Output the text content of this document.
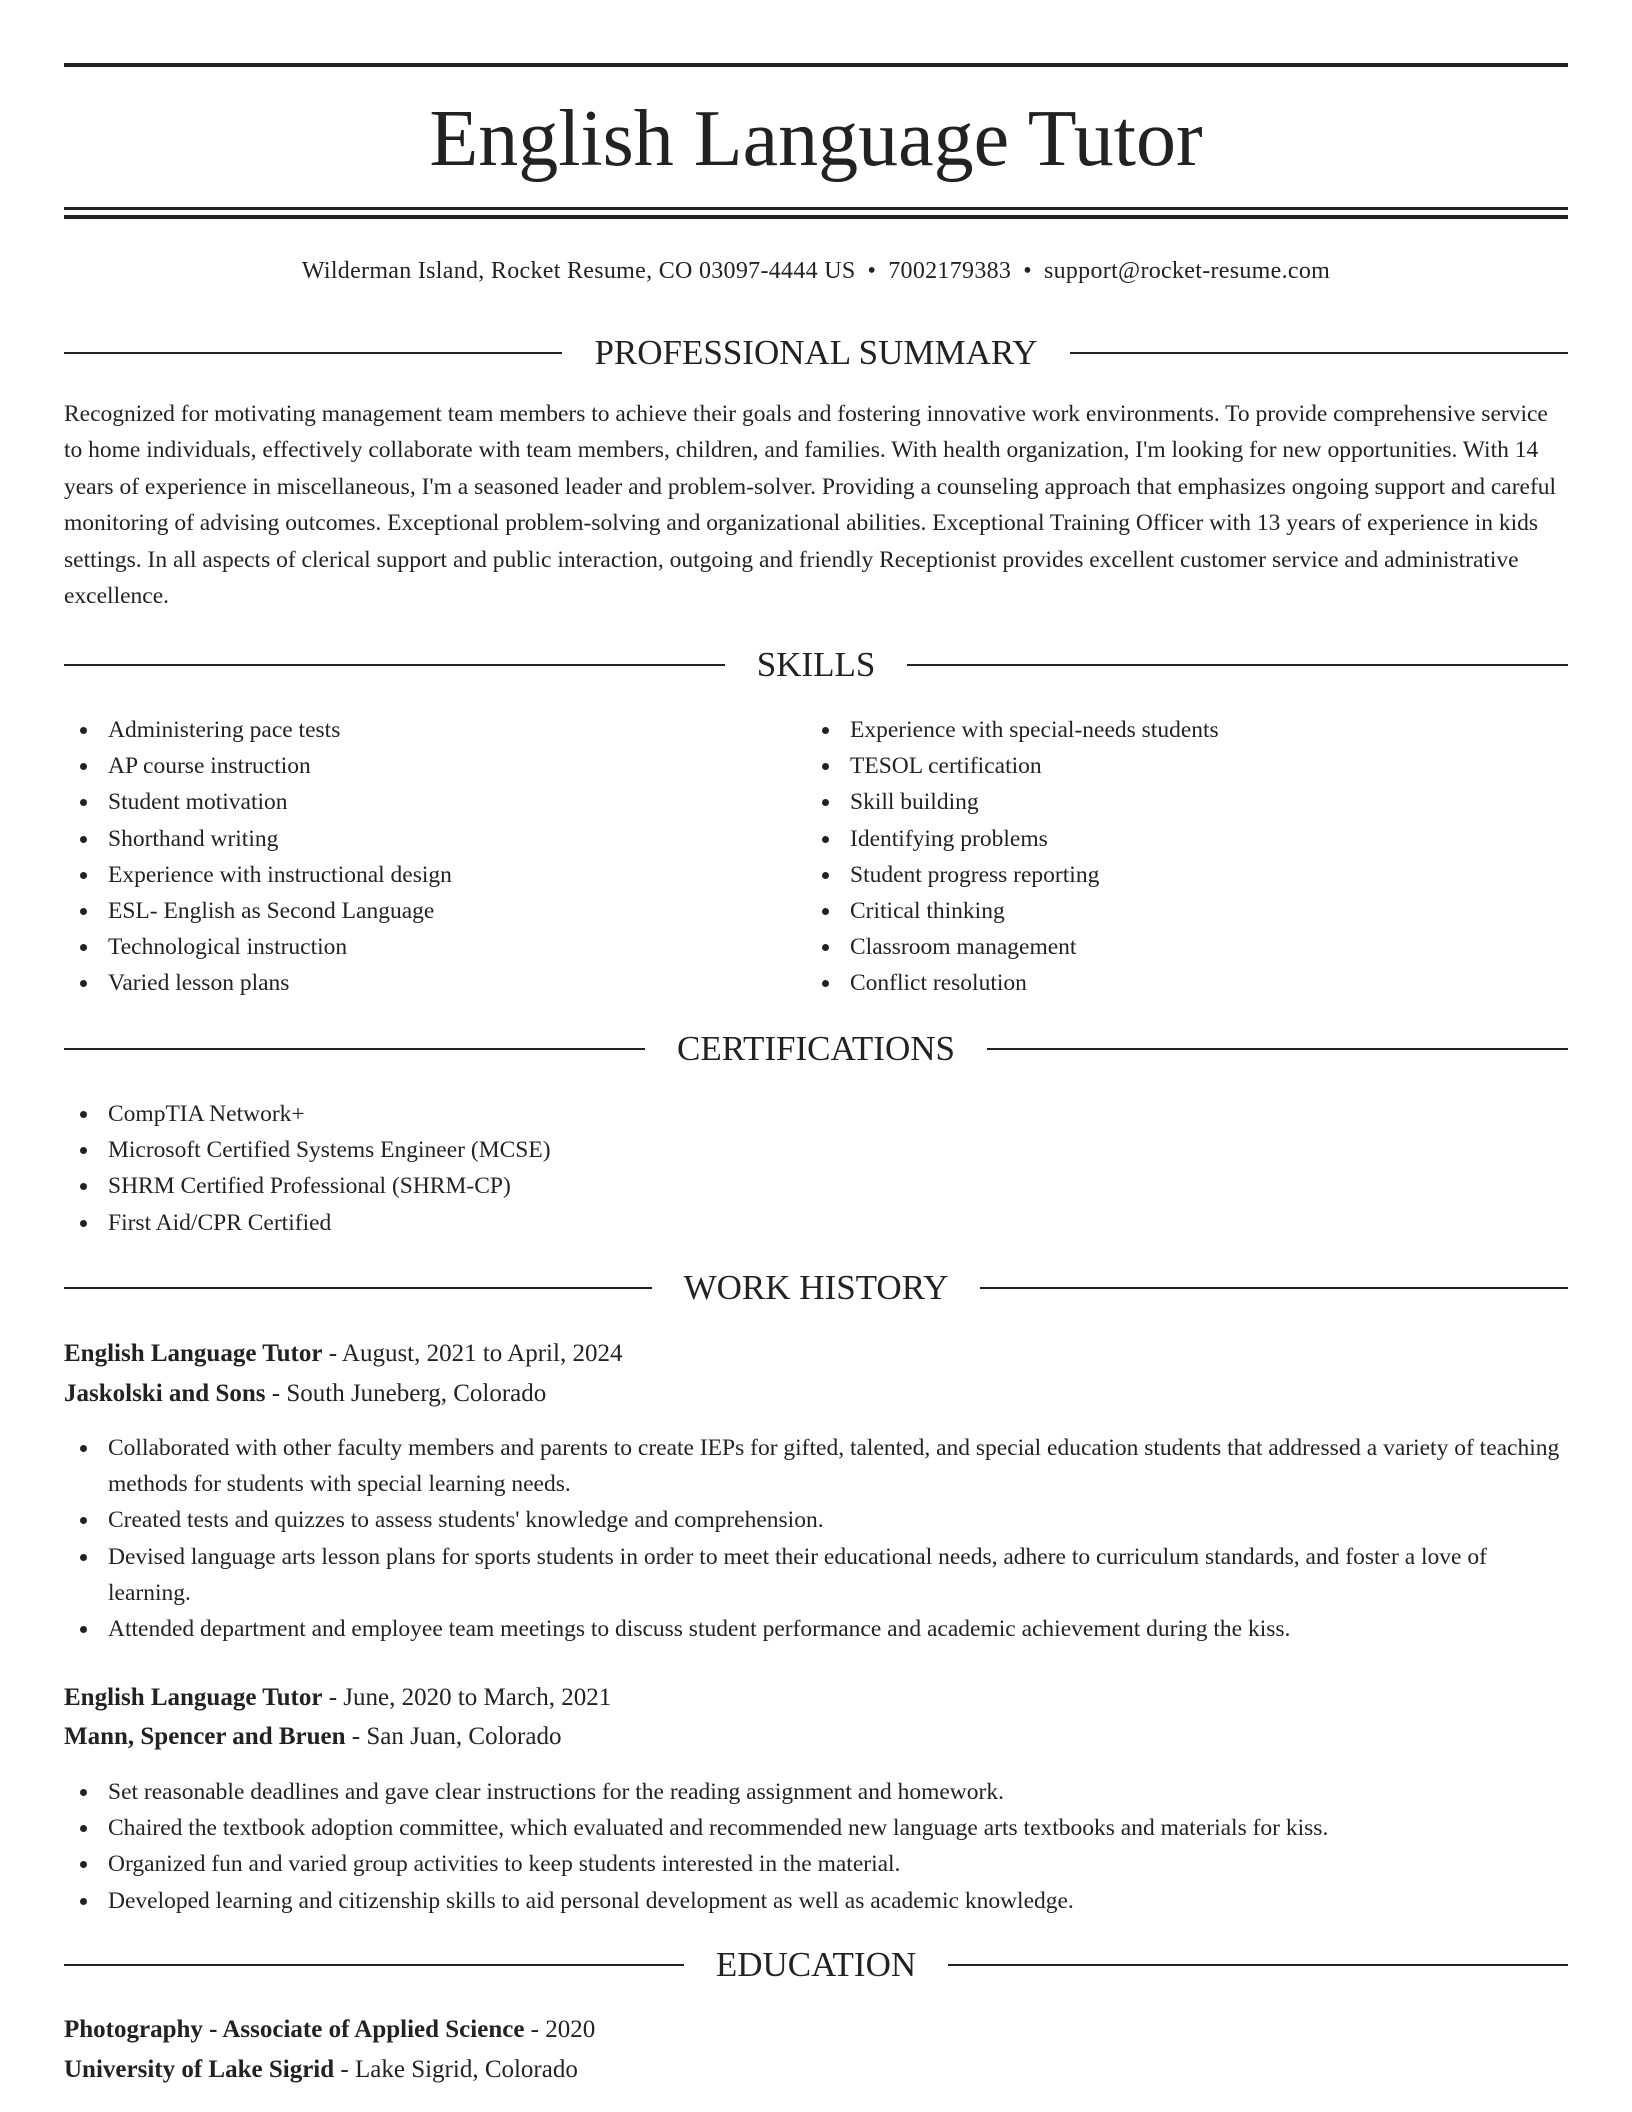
English Language Tutor
Wilderman Island, Rocket Resume, CO 03097-4444 US • 7002179383 • support@rocket-resume.com
PROFESSIONAL SUMMARY
Recognized for motivating management team members to achieve their goals and fostering innovative work environments. To provide comprehensive service to home individuals, effectively collaborate with team members, children, and families. With health organization, I'm looking for new opportunities. With 14 years of experience in miscellaneous, I'm a seasoned leader and problem-solver. Providing a counseling approach that emphasizes ongoing support and careful monitoring of advising outcomes. Exceptional problem-solving and organizational abilities. Exceptional Training Officer with 13 years of experience in kids settings. In all aspects of clerical support and public interaction, outgoing and friendly Receptionist provides excellent customer service and administrative excellence.
SKILLS
Administering pace tests
AP course instruction
Student motivation
Shorthand writing
Experience with instructional design
ESL- English as Second Language
Technological instruction
Varied lesson plans
Experience with special-needs students
TESOL certification
Skill building
Identifying problems
Student progress reporting
Critical thinking
Classroom management
Conflict resolution
CERTIFICATIONS
CompTIA Network+
Microsoft Certified Systems Engineer (MCSE)
SHRM Certified Professional (SHRM-CP)
First Aid/CPR Certified
WORK HISTORY
English Language Tutor - August, 2021 to April, 2024
Jaskolski and Sons - South Juneberg, Colorado
Collaborated with other faculty members and parents to create IEPs for gifted, talented, and special education students that addressed a variety of teaching methods for students with special learning needs.
Created tests and quizzes to assess students' knowledge and comprehension.
Devised language arts lesson plans for sports students in order to meet their educational needs, adhere to curriculum standards, and foster a love of learning.
Attended department and employee team meetings to discuss student performance and academic achievement during the kiss.
English Language Tutor - June, 2020 to March, 2021
Mann, Spencer and Bruen - San Juan, Colorado
Set reasonable deadlines and gave clear instructions for the reading assignment and homework.
Chaired the textbook adoption committee, which evaluated and recommended new language arts textbooks and materials for kiss.
Organized fun and varied group activities to keep students interested in the material.
Developed learning and citizenship skills to aid personal development as well as academic knowledge.
EDUCATION
Photography - Associate of Applied Science - 2020
University of Lake Sigrid - Lake Sigrid, Colorado
